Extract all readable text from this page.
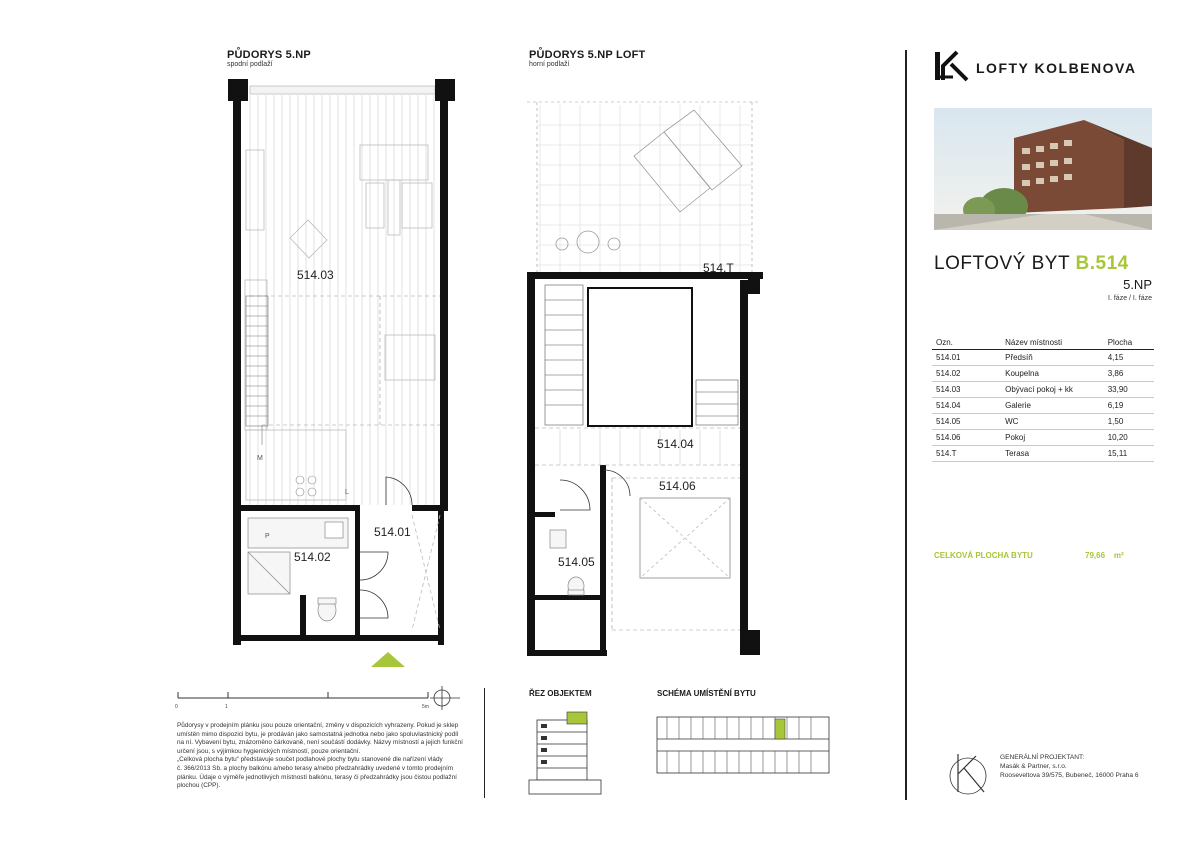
PŮDORYS 5.NP
spodní podlaží
514.03
514.02
514.01
M
L
P
PŮDORYS 5.NP LOFT
horní podlaží
514.T
514.04
514.06
514.05
0	1	5m
Půdorysy v prodejním plánku jsou pouze orientační, změny v dispozicích vyhrazeny. Pokud je sklep
umístěn mimo dispozici bytu, je prodáván jako samostatná jednotka nebo jako spoluvlastnický podíl
na ní. Vybavení bytu, znázorněno čárkovaně, není součástí dodávky. Názvy místností a jejich funkční
určení jsou, s výjimkou hygienických místností, pouze orientační.
„Celková plocha bytu“ představuje součet podlahové plochy bytu stanovené dle nařízení vlády
č. 366/2013 Sb. a plochy balkónu a/nebo terasy a/nebo předzahrádky uvedené v tomto prodejním
plánku. Údaje o výměře jednotlivých místností balkónu, terasy či předzahrádky jsou čistou podlažní
plochou (CPP).
ŘEZ OBJEKTEM	SCHÉMA UMÍSTĚNÍ BYTU
LOFTY KOLBENOVA
LOFTOVÝ BYT B.514
5.NP
I. fáze / I. fáze
Ozn.	Název místnosti	Plocha
514.01	Předsíň	4,15
514.02	Koupelna	3,86
514.03	Obývací pokoj + kk	33,90
514.04	Galerie	6,19
514.05	WC	1,50
514.06	Pokoj	10,20
514.T	Terasa	15,11
CELKOVÁ PLOCHA BYTU	79,66 m²
GENERÁLNÍ PROJEKTANT:
Masák & Partner, s.r.o.
Rooseveltova 39/575, Bubeneč, 16000 Praha 6
